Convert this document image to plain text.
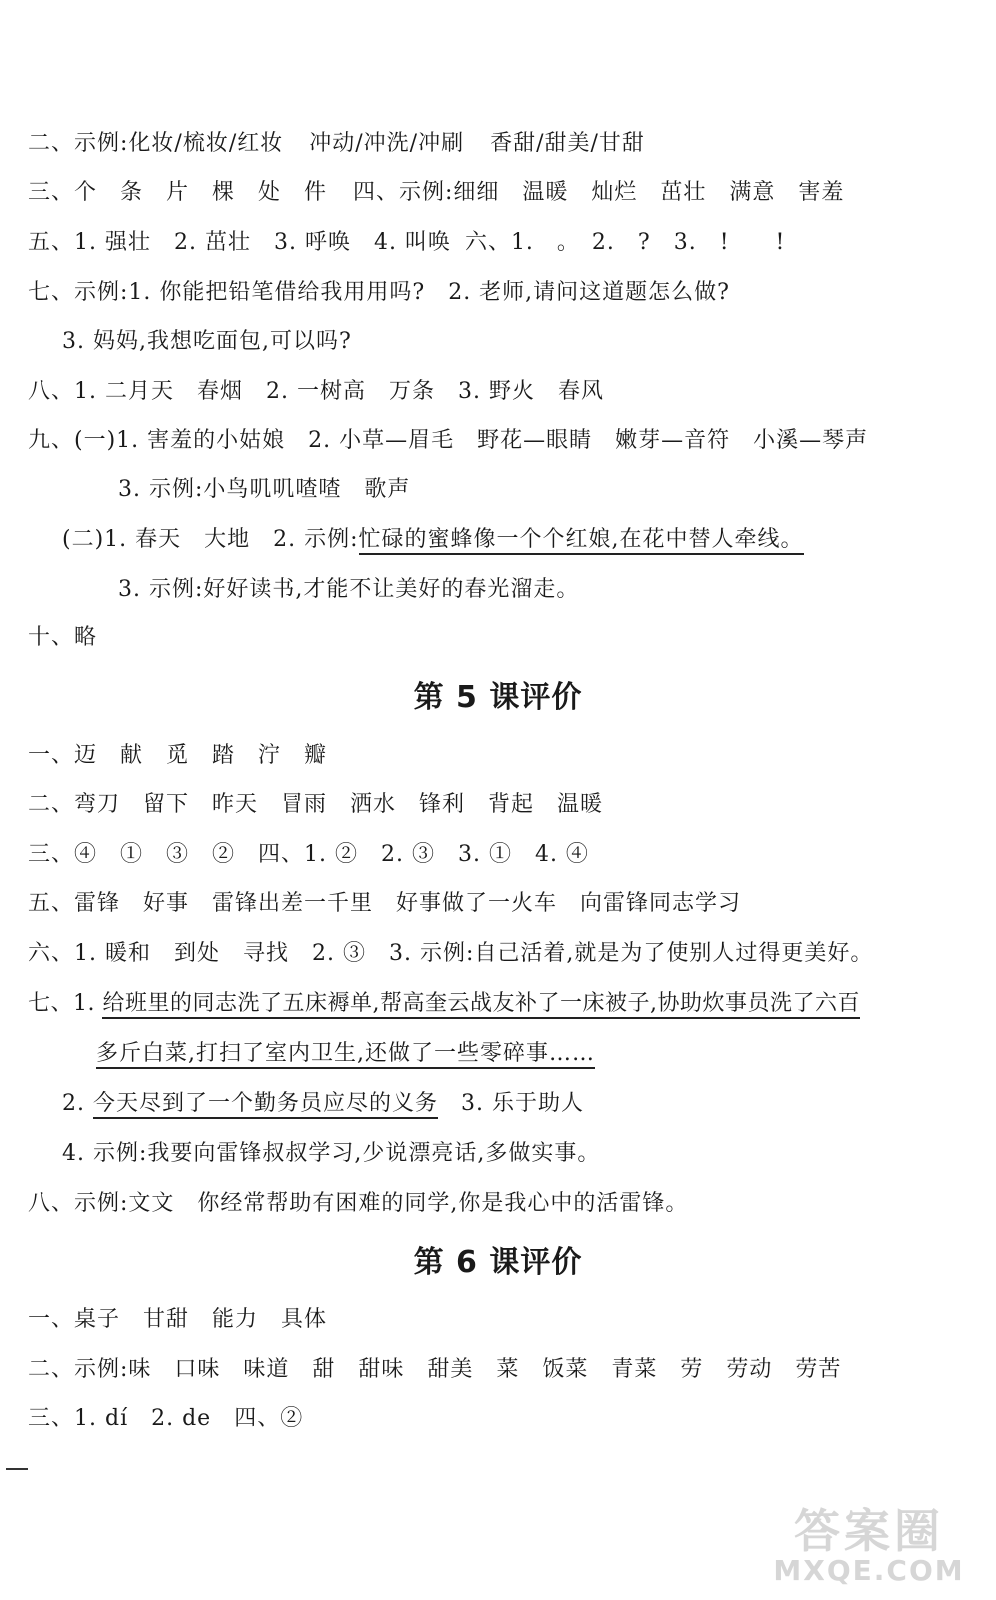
二、示例:化妆/梳妆/红妆 冲动/冲洗/冲刷 香甜/甜美/甘甜
三、个　条　片　棵　处　件 四、示例:细细　温暖　灿烂　茁壮　满意　害羞
五、1. 强壮　2. 茁壮　3. 呼唤　4. 叫唤 六、1.　。　2.　?　3.　!　　!
七、示例:1. 你能把铅笔借给我用用吗?　2. 老师,请问这道题怎么做?
3. 妈妈,我想吃面包,可以吗?
八、1. 二月天　春烟　2. 一树高　万条　3. 野火　春风
九、(一)1. 害羞的小姑娘　2. 小草—眉毛　野花—眼睛　嫩芽—音符　小溪—琴声
3. 示例:小鸟叽叽喳喳　歌声
(二)1. 春天　大地　2. 示例:忙碌的蜜蜂像一个个红娘,在花中替人牵线。
3. 示例:好好读书,才能不让美好的春光溜走。
十、略
第 5 课评价
一、迈　献　觅　踏　泞　瓣
二、弯刀　留下　昨天　冒雨　洒水　锋利　背起　温暖
三、④　①　③　②　四、1. ②　2. ③　3. ①　4. ④
五、雷锋　好事　雷锋出差一千里　好事做了一火车　向雷锋同志学习
六、1. 暖和　到处　寻找　2. ③　3. 示例:自己活着,就是为了使别人过得更美好。
七、1. 给班里的同志洗了五床褥单,帮高奎云战友补了一床被子,协助炊事员洗了六百
多斤白菜,打扫了室内卫生,还做了一些零碎事……
2. 今天尽到了一个勤务员应尽的义务　3. 乐于助人
4. 示例:我要向雷锋叔叔学习,少说漂亮话,多做实事。
八、示例:文文　你经常帮助有困难的同学,你是我心中的活雷锋。
第 6 课评价
一、桌子　甘甜　能力　具体
二、示例:味　口味　味道　甜　甜味　甜美　菜　饭菜　青菜　劳　劳动　劳苦
三、1. dí　2. de　四、②
答案圈
MXQE.COM
